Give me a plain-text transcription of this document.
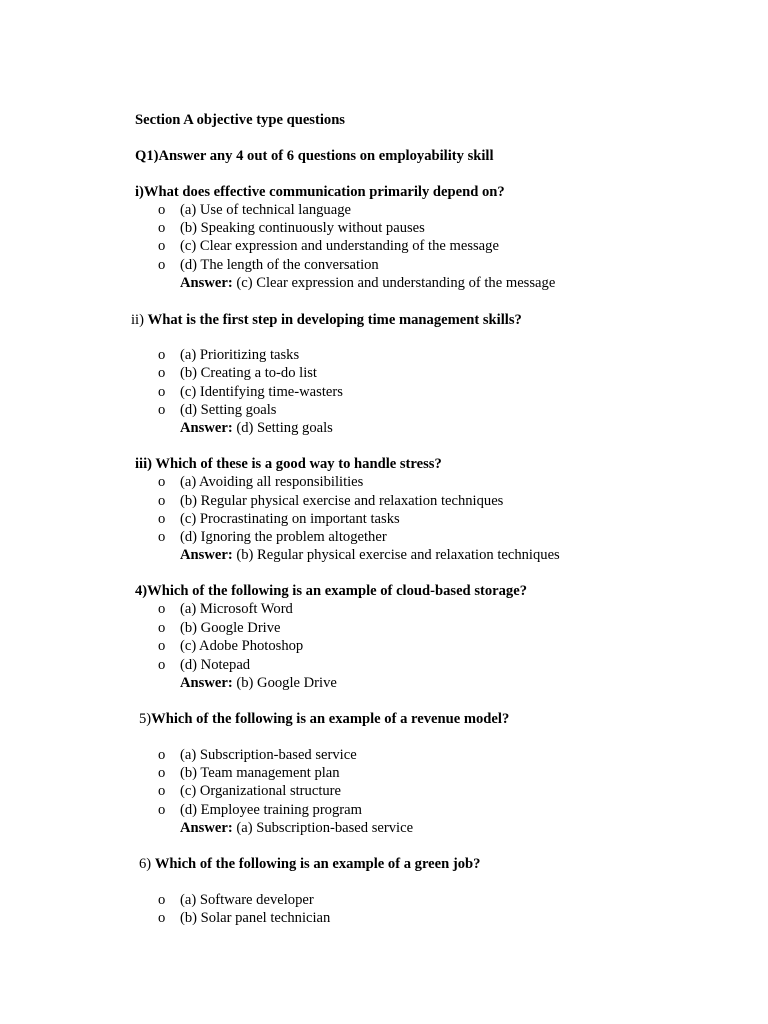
Section A objective type questions
Q1)Answer any 4 out of 6 questions on employability skill
i)What does effective communication primarily depend on?
o	(a) Use of technical language
o	(b) Speaking continuously without pauses
o	(c) Clear expression and understanding of the message
o	(d) The length of the conversation
Answer: (c) Clear expression and understanding of the message
ii) What is the first step in developing time management skills?
o	(a) Prioritizing tasks
o	(b) Creating a to-do list
o	(c) Identifying time-wasters
o	(d) Setting goals
Answer: (d) Setting goals
iii) Which of these is a good way to handle stress?
o	(a) Avoiding all responsibilities
o	(b) Regular physical exercise and relaxation techniques
o	(c) Procrastinating on important tasks
o	(d) Ignoring the problem altogether
Answer: (b) Regular physical exercise and relaxation techniques
4)Which of the following is an example of cloud-based storage?
o	(a) Microsoft Word
o	(b) Google Drive
o	(c) Adobe Photoshop
o	(d) Notepad
Answer: (b) Google Drive
5)Which of the following is an example of a revenue model?
o	(a) Subscription-based service
o	(b) Team management plan
o	(c) Organizational structure
o	(d) Employee training program
Answer: (a) Subscription-based service
6) Which of the following is an example of a green job?
o	(a) Software developer
o	(b) Solar panel technician
